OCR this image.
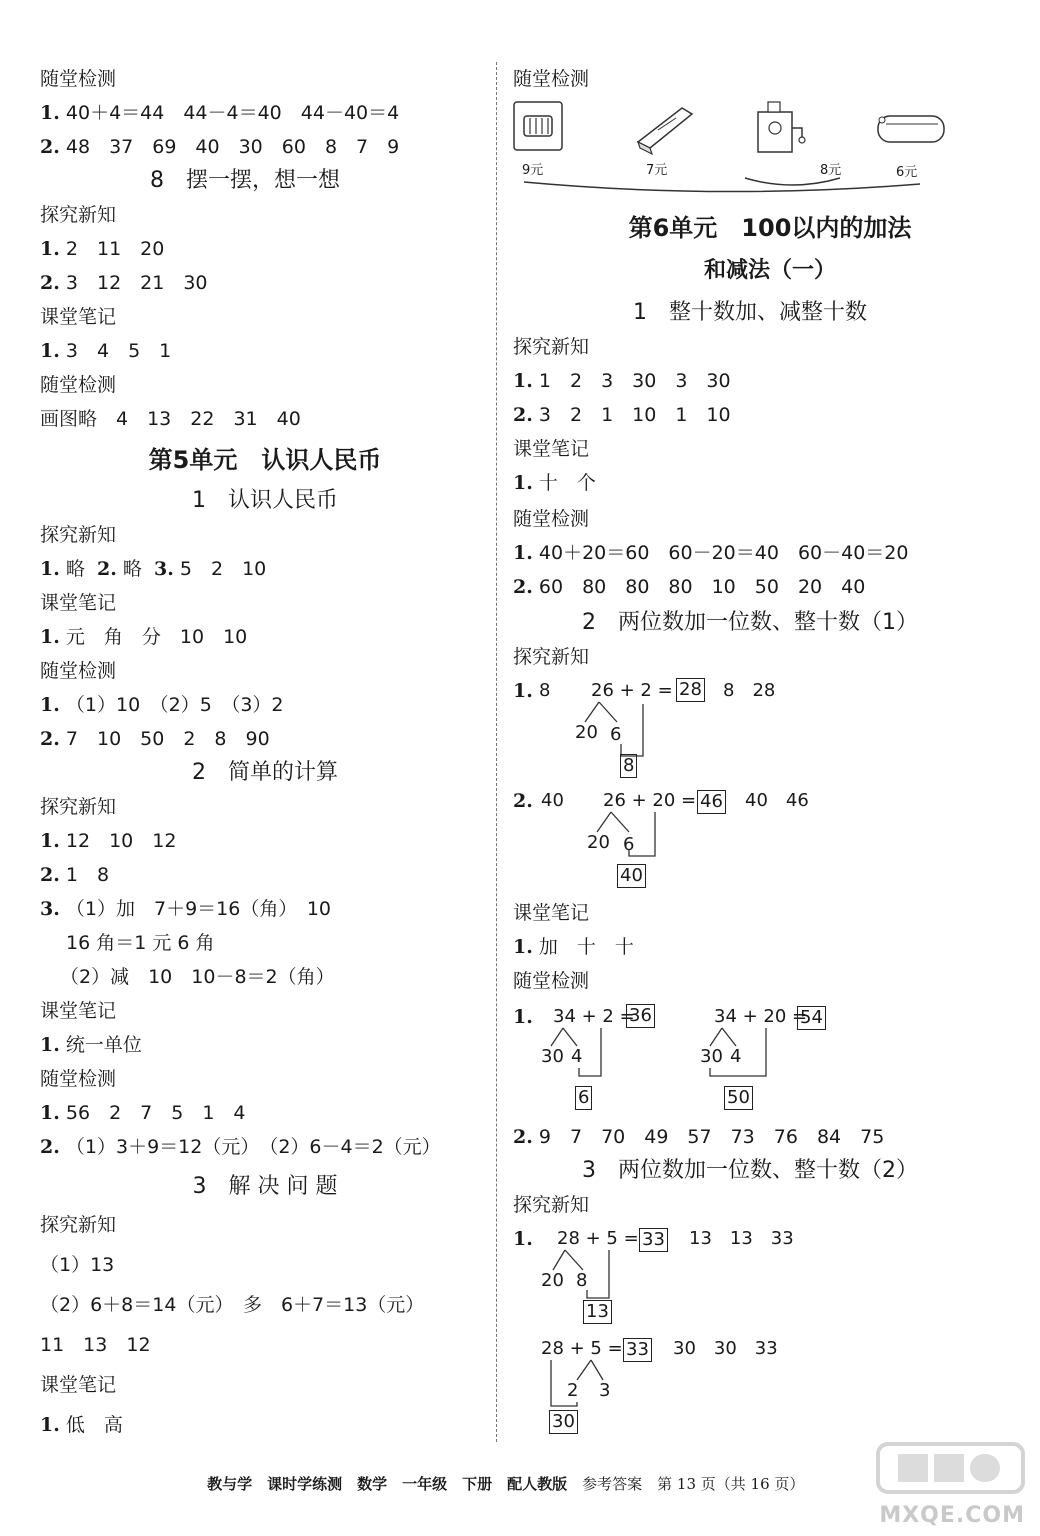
随堂检测
1. 40＋4＝44　44－4＝40　44－40＝4
2. 48　37　69　40　30　60　8　7　9
8　摆一摆，想一想
探究新知
1. 2　11　20
2. 3　12　21　30
课堂笔记
1. 3　4　5　1
随堂检测
画图略　4　13　22　31　40
第5单元　认识人民币
1　认识人民币
探究新知
1. 略 2. 略 3. 5　2　10
课堂笔记
1. 元　角　分　10　10
随堂检测
1. （1）10　（2）5　（3）2
2. 7　10　50　2　8　90
2　简单的计算
探究新知
1. 12　10　12
2. 1　8
3. （1）加　7＋9＝16（角）　10
16 角＝1 元 6 角
（2）减　10　10－8＝2（角）
课堂笔记
1. 统一单位
随堂检测
1. 56　2　7　5　1　4
2. （1）3＋9＝12（元）　（2）6－4＝2（元）
3　解 决 问 题
探究新知
（1）13
（2）6＋8＝14（元）　多　6＋7＝13（元）
11　13　12
课堂笔记
1. 低　高
随堂检测
9元	7元	8元	6元
第6单元　100以内的加法
和减法（一）
1　整十数加、减整十数
探究新知
1. 1　2　3　30　3　30
2. 3　2　1　10　1　10
课堂笔记
1. 十　个
随堂检测
1. 40＋20＝60　60－20＝40　60－40＝20
2. 60　80　80　80　10　50　20　40
2　两位数加一位数、整十数（1）
探究新知
1. 8 26 + 2 = 28 8　28
20 6
8
2. 40 26 + 20 = 46 40　46
20 6
40
课堂笔记
1. 加　十　十
随堂检测
1. 34 + 2 =
36
30 4
6
34 + 20 =
54
30 4
50
2. 9　7　70　49　57　73　76　84　75
3　两位数加一位数、整十数（2）
探究新知
1. 28 + 5 = 33 13　13　33
20 8
13
28 + 5 = 33 30　30　33
2 3
30

教与学　课时学练测　数学　一年级　下册　配人教版　 参考答案　 第 13 页（共 16 页）

MXQE.COM
